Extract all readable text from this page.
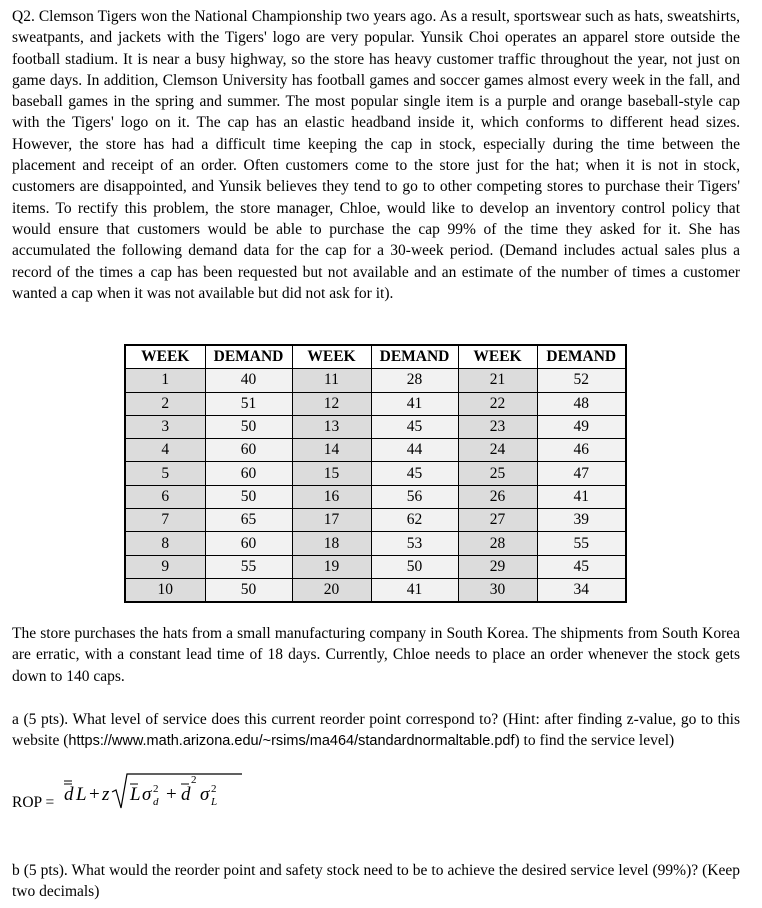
Q2. Clemson Tigers won the National Championship two years ago. As a result, sportswear such as hats, sweatshirts, sweatpants, and jackets with the Tigers' logo are very popular. Yunsik Choi operates an apparel store outside the football stadium. It is near a busy highway, so the store has heavy customer traffic throughout the year, not just on game days. In addition, Clemson University has football games and soccer games almost every week in the fall, and baseball games in the spring and summer. The most popular single item is a purple and orange baseball-style cap with the Tigers' logo on it. The cap has an elastic headband inside it, which conforms to different head sizes. However, the store has had a difficult time keeping the cap in stock, especially during the time between the placement and receipt of an order. Often customers come to the store just for the hat; when it is not in stock, customers are disappointed, and Yunsik believes they tend to go to other competing stores to purchase their Tigers' items. To rectify this problem, the store manager, Chloe, would like to develop an inventory control policy that would ensure that customers would be able to purchase the cap 99% of the time they asked for it. She has accumulated the following demand data for the cap for a 30-week period. (Demand includes actual sales plus a record of the times a cap has been requested but not available and an estimate of the number of times a customer wanted a cap when it was not available but did not ask for it).

WEEK	DEMAND	WEEK	DEMAND	WEEK	DEMAND
1	40	11	28	21	52
2	51	12	41	22	48
3	50	13	45	23	49
4	60	14	44	24	46
5	60	15	45	25	47
6	50	16	56	26	41
7	65	17	62	27	39
8	60	18	53	28	55
9	55	19	50	29	45
10	50	20	41	30	34

The store purchases the hats from a small manufacturing company in South Korea. The shipments from South Korea are erratic, with a constant lead time of 18 days. Currently, Chloe needs to place an order whenever the stock gets down to 140 caps.

a (5 pts). What level of service does this current reorder point correspond to? (Hint: after finding z-value, go to this website (https://www.math.arizona.edu/~rsims/ma464/standardnormaltable.pdf) to find the service level)

ROP = d L + z L σ 2
d + d
2
σ 2
L

b (5 pts). What would the reorder point and safety stock need to be to achieve the desired service level (99%)? (Keep two decimals)
